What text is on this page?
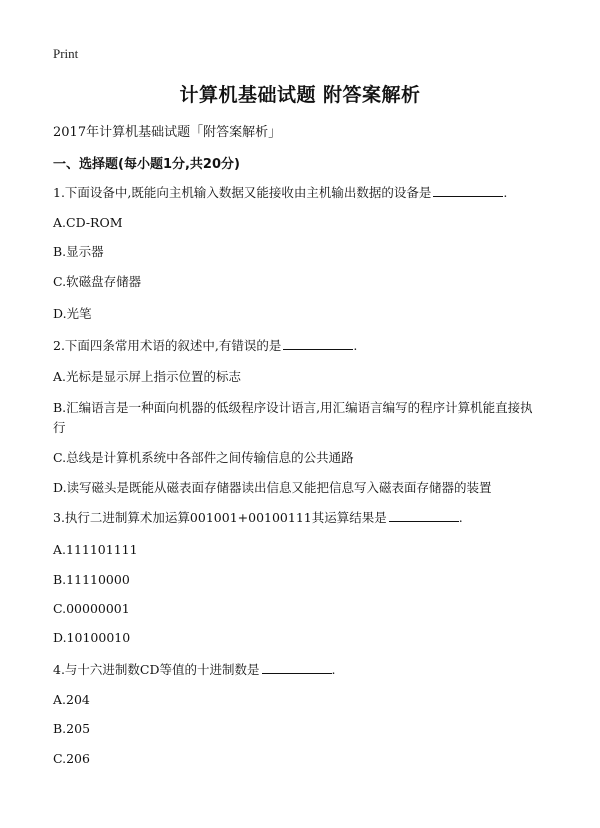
Print
计算机基础试题 附答案解析
2017年计算机基础试题「附答案解析」
一、选择题(每小题1分,共20分)
1.下面设备中,既能向主机输入数据又能接收由主机输出数据的设备是	.
A.CD-ROM
B.显示器
C.软磁盘存储器
D.光笔
2.下面四条常用术语的叙述中,有错误的是	.
A.光标是显示屏上指示位置的标志
B.汇编语言是一种面向机器的低级程序设计语言,用汇编语言编写的程序计算机能直接执行
C.总线是计算机系统中各部件之间传输信息的公共通路
D.读写磁头是既能从磁表面存储器读出信息又能把信息写入磁表面存储器的装置
3.执行二进制算术加运算001001+00100111其运算结果是	.
A.111101111
B.11110000
C.00000001
D.10100010
4.与十六进制数CD等值的十进制数是	.
A.204
B.205
C.206
